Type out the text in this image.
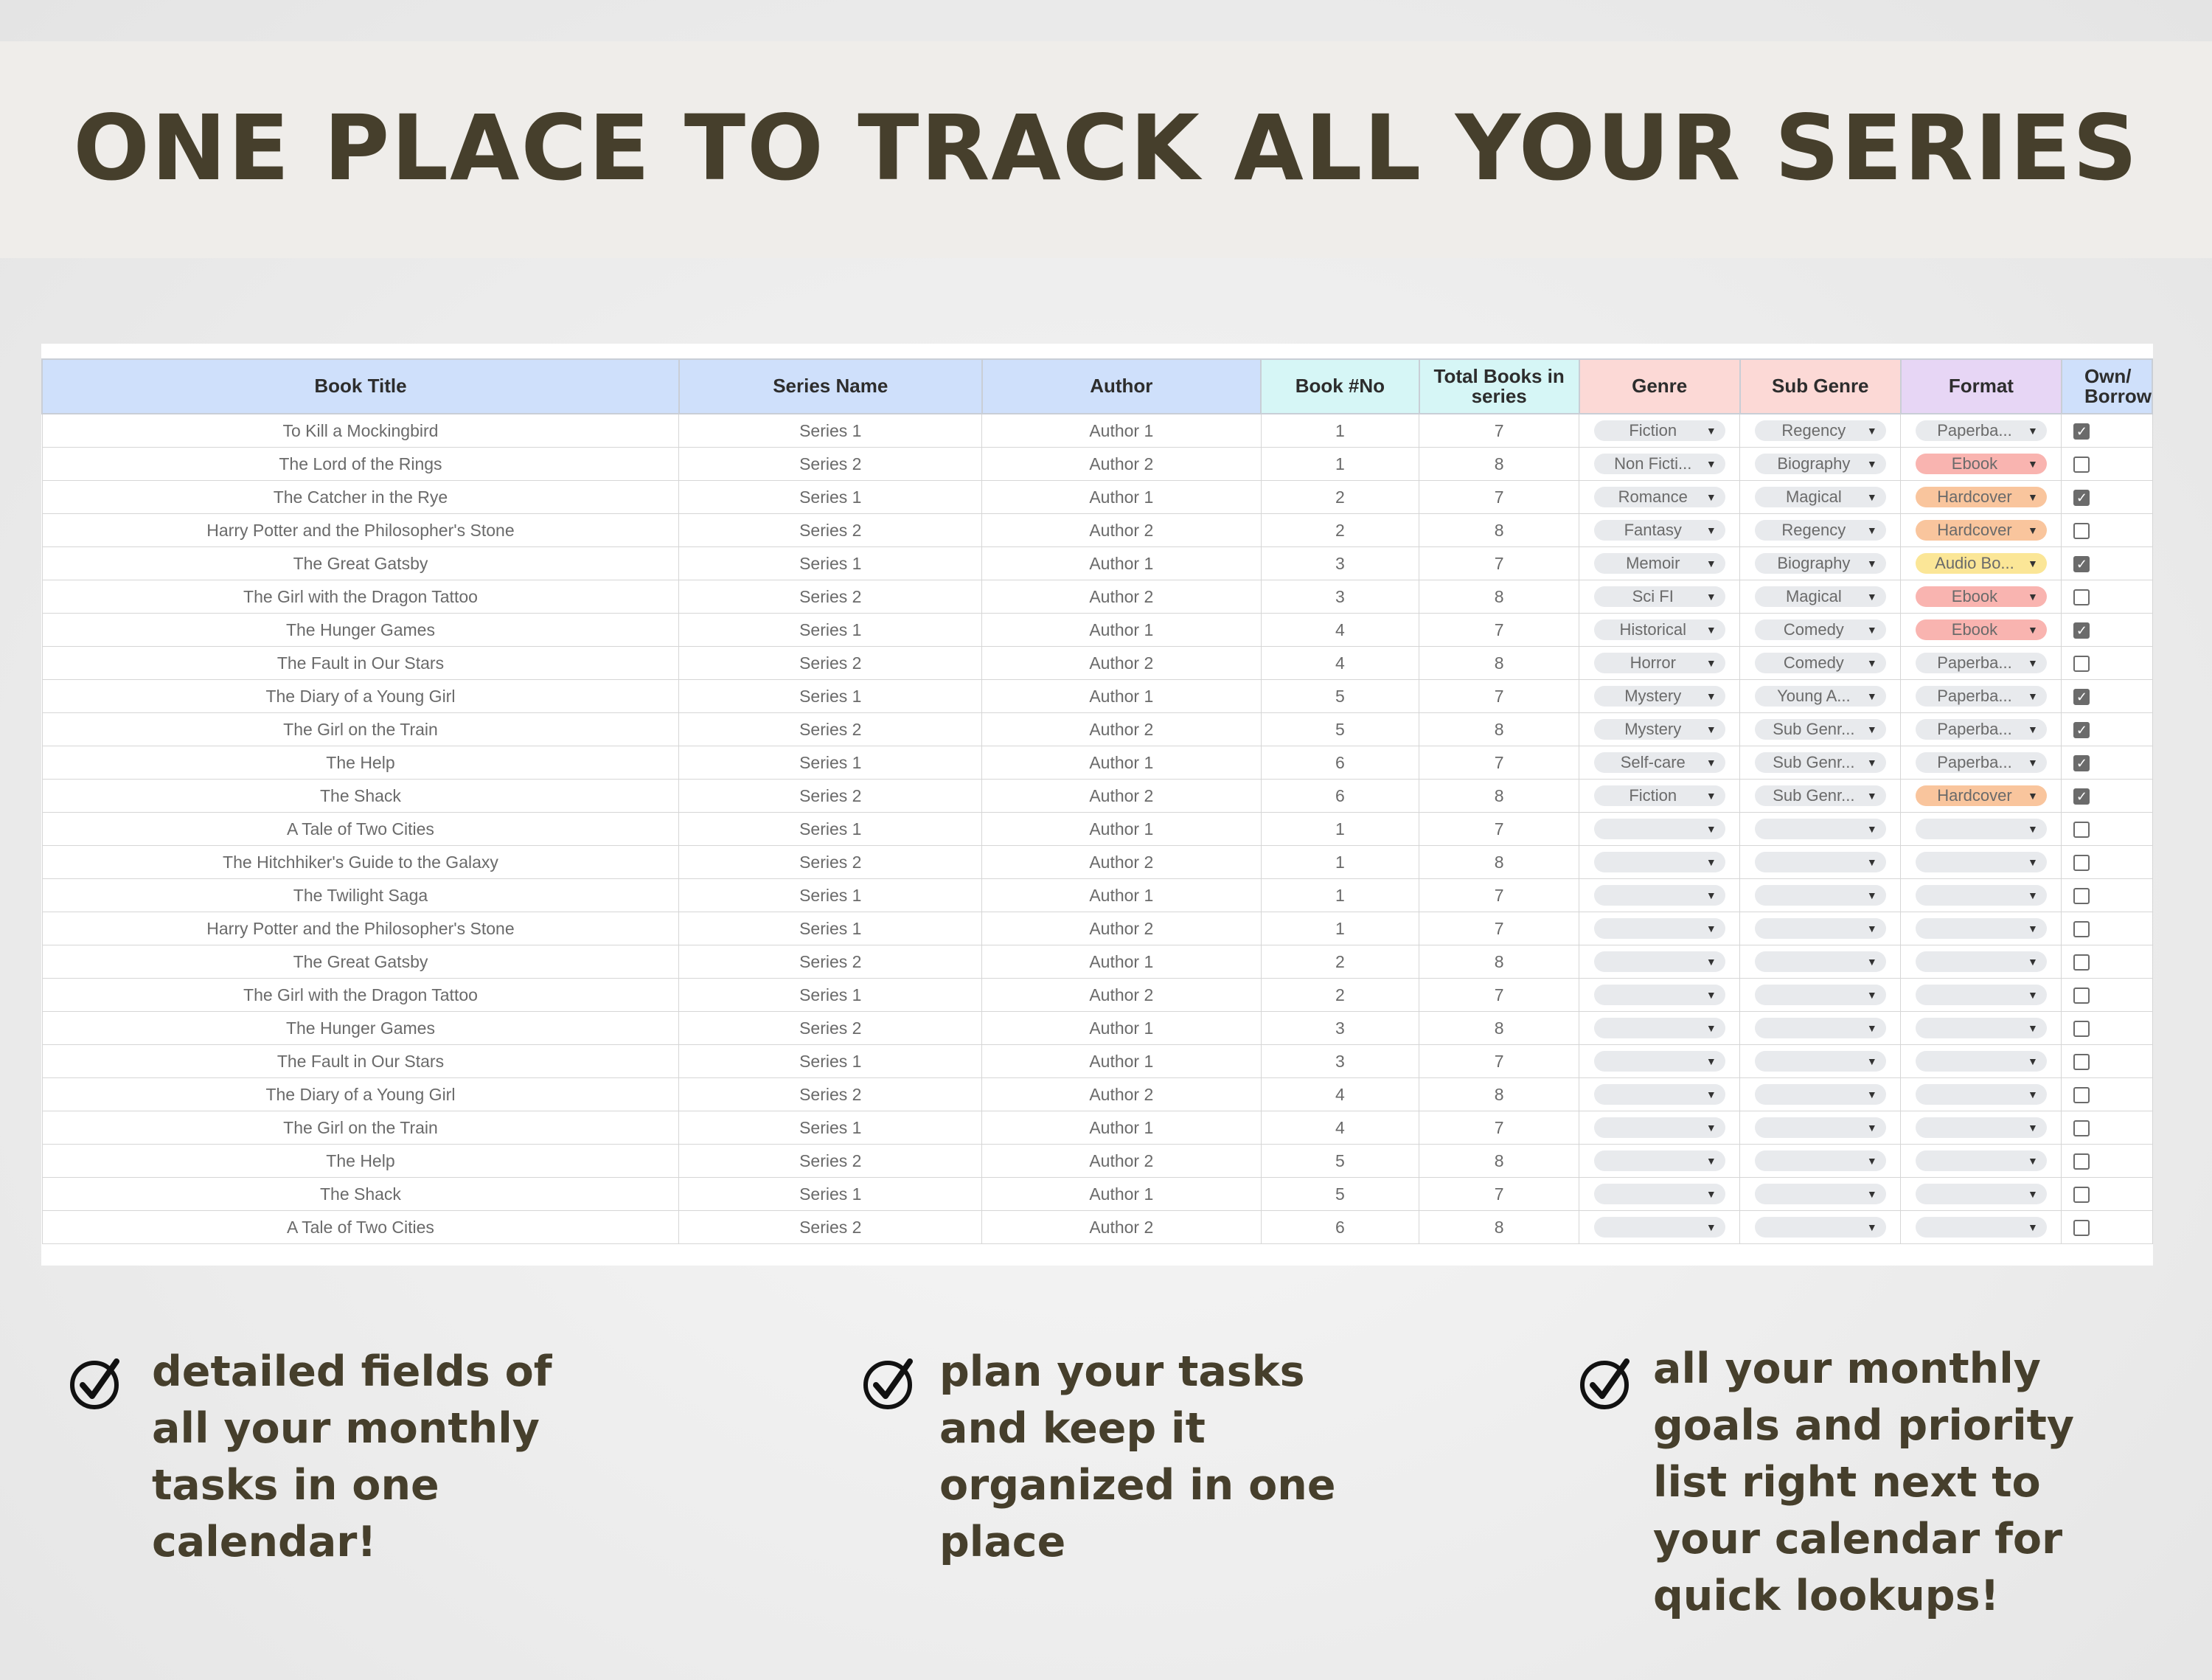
ONE PLACE TO TRACK ALL YOUR SERIES
Book Title	Series Name	Author	Book #No	Total Books in series	Genre	Sub Genre	Format	Own/ Borrow
To Kill a Mockingbird	Series 1	Author 1	1	7	Fiction ▼	Regency ▼	Paperba... ▼	✓
The Lord of the Rings	Series 2	Author 2	1	8	Non Ficti... ▼	Biography ▼	Ebook ▼	

The Catcher in the Rye	Series 1	Author 1	2	7	Romance ▼	Magical ▼	Hardcover ▼	✓
Harry Potter and the Philosopher's Stone	Series 2	Author 2	2	8	Fantasy ▼	Regency ▼	Hardcover ▼	

The Great Gatsby	Series 1	Author 1	3	7	Memoir ▼	Biography ▼	Audio Bo... ▼	✓
The Girl with the Dragon Tattoo	Series 2	Author 2	3	8	Sci FI ▼	Magical ▼	Ebook ▼	

The Hunger Games	Series 1	Author 1	4	7	Historical ▼	Comedy ▼	Ebook ▼	✓
The Fault in Our Stars	Series 2	Author 2	4	8	Horror ▼	Comedy ▼	Paperba... ▼	

The Diary of a Young Girl	Series 1	Author 1	5	7	Mystery ▼	Young A... ▼	Paperba... ▼	✓
The Girl on the Train	Series 2	Author 2	5	8	Mystery ▼	Sub Genr... ▼	Paperba... ▼	✓
The Help	Series 1	Author 1	6	7	Self-care ▼	Sub Genr... ▼	Paperba... ▼	✓
The Shack	Series 2	Author 2	6	8	Fiction ▼	Sub Genr... ▼	Hardcover ▼	✓
A Tale of Two Cities	Series 1	Author 1	1	7	▼	▼	▼	

The Hitchhiker's Guide to the Galaxy	Series 2	Author 2	1	8	▼	▼	▼	

The Twilight Saga	Series 1	Author 1	1	7	▼	▼	▼	

Harry Potter and the Philosopher's Stone	Series 1	Author 2	1	7	▼	▼	▼	

The Great Gatsby	Series 2	Author 1	2	8	▼	▼	▼	

The Girl with the Dragon Tattoo	Series 1	Author 2	2	7	▼	▼	▼	

The Hunger Games	Series 2	Author 1	3	8	▼	▼	▼	

The Fault in Our Stars	Series 1	Author 1	3	7	▼	▼	▼	

The Diary of a Young Girl	Series 2	Author 2	4	8	▼	▼	▼	

The Girl on the Train	Series 1	Author 1	4	7	▼	▼	▼	

The Help	Series 2	Author 2	5	8	▼	▼	▼	

The Shack	Series 1	Author 1	5	7	▼	▼	▼	

A Tale of Two Cities	Series 2	Author 2	6	8	▼	▼	▼	

detailed fields of all your monthly tasks in one calendar!
plan your tasks and keep it organized in one place
all your monthly goals and priority list right next to your calendar for quick lookups!
